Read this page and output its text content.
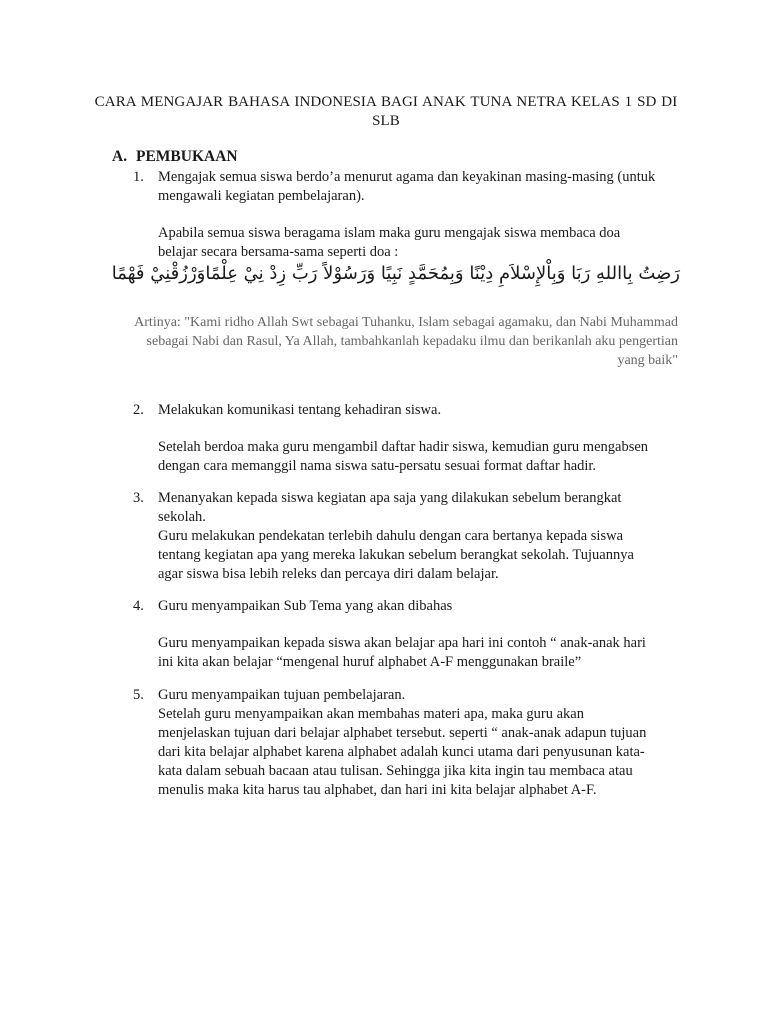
CARA MENGAJAR BAHASA INDONESIA BAGI ANAK TUNA NETRA KELAS 1 SD DI
SLB
A. PEMBUKAAN
1. Mengajak semua siswa berdo’a menurut agama dan keyakinan masing-masing (untuk

mengawali kegiatan pembelajaran).

Apabila semua siswa beragama islam maka guru mengajak siswa membaca doa

belajar secara bersama-sama seperti doa :

رَضِتُ بِااللهِ رَبَا وَبِاْلإِسْلاَمِ دِيْنًا وَبِمُحَمَّدٍ نَبِيًا وَرَسُوْلاً رَبِّ زِدْ نِيْ عِلْمًاوَرْزُقْنِيْ فَهْمًا
Artinya: "Kami ridho Allah Swt sebagai Tuhanku, Islam sebagai agamaku, dan Nabi Muhammad
sebagai Nabi dan Rasul, Ya Allah, tambahkanlah kepadaku ilmu dan berikanlah aku pengertian
yang baik"
2. Melakukan komunikasi tentang kehadiran siswa.

Setelah berdoa maka guru mengambil daftar hadir siswa, kemudian guru mengabsen

dengan cara memanggil nama siswa satu-persatu sesuai format daftar hadir.

3. Menanyakan kepada siswa kegiatan apa saja yang dilakukan sebelum berangkat

sekolah.

Guru melakukan pendekatan terlebih dahulu dengan cara bertanya kepada siswa

tentang kegiatan apa yang mereka lakukan sebelum berangkat sekolah. Tujuannya

agar siswa bisa lebih releks dan percaya diri dalam belajar.

4. Guru menyampaikan Sub Tema yang akan dibahas

Guru menyampaikan kepada siswa akan belajar apa hari ini contoh “ anak-anak hari

ini kita akan belajar “mengenal huruf alphabet A-F menggunakan braile”

5. Guru menyampaikan tujuan pembelajaran.

Setelah guru menyampaikan akan membahas materi apa, maka guru akan

menjelaskan tujuan dari belajar alphabet tersebut. seperti “ anak-anak adapun tujuan

dari kita belajar alphabet karena alphabet adalah kunci utama dari penyusunan kata-

kata dalam sebuah bacaan atau tulisan. Sehingga jika kita ingin tau membaca atau

menulis maka kita harus tau alphabet, dan hari ini kita belajar alphabet A-F.
